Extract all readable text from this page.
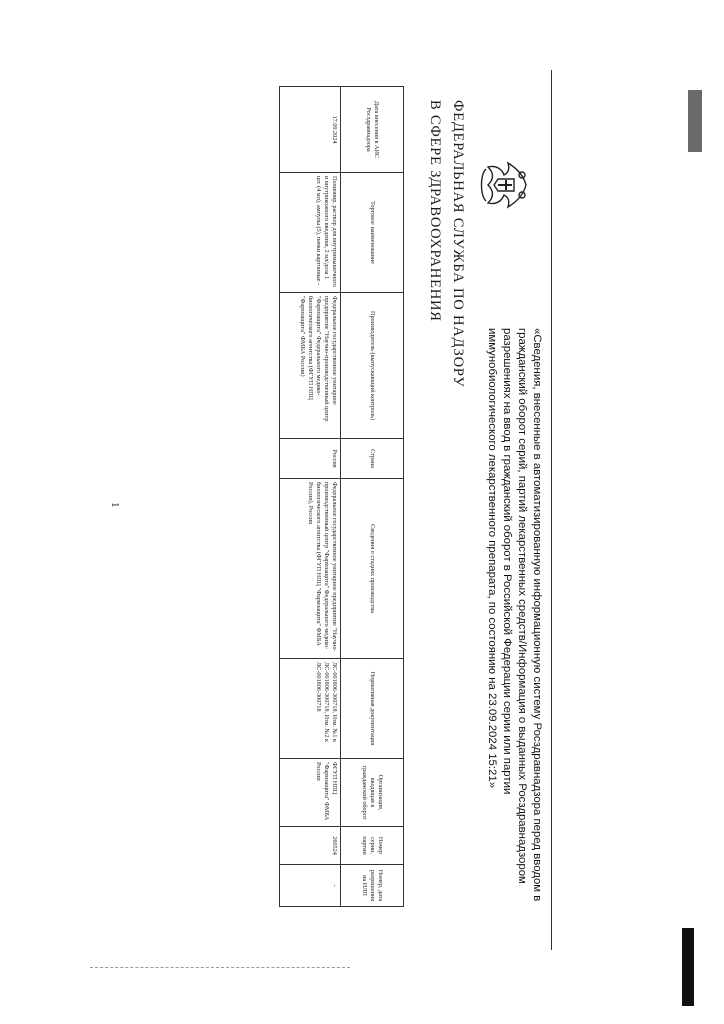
ФЕДЕРАЛЬНАЯ СЛУЖБА ПО НАДЗОРУ
В СФЕРЕ ЗДРАВООХРАНЕНИЯ
«Сведения, внесенные в автоматизированную информационную систему Росздравнадзора перед вводом в гражданский оборот серий, партий лекарственных средств/Информация о выданных Росздравнадзором разрешениях на ввод в гражданский оборот в Российской Федерации серии или партии иммунобиологического лекарственного препарата, по состоянию на 23.09.2024 15:21»
Дата внесения в АИС Росздравнадзора	Торговое наименование	Производитель (выпускающий контроль)	Страна	Сведения о стадиях производства	Нормативная документация	Организация, вводящая в гражданский оборот	Номер серии, партии	Номер, дата разрешения на ИЛП
17.09.2024	Полиовир, раствор для внутримышечного и внутрикожного введения, 2 мл/доза 1 шт. (4 мл), ампулы (5), пачки картонные -	Федеральное государственное унитарное предприятие "Научно-производственный центр "Фармзащита" Федерального медико-биологического агентства (ФГУП НПЦ "Фармзащита" ФМБА России)	Россия	Федеральное государственное унитарное предприятие "Научно-производственный центр "Фармзащита" Федерального медико-биологического агентства (ФГУП НПЦ "Фармзащита" ФМБА России), Россия	ЛС-001806-300718, Изм. №1 к ЛС-001806-300718, Изм. №2 к ЛС-001806-300718	ФГУП НПЦ "Фармзащита" ФМБА России	260524	-
1
